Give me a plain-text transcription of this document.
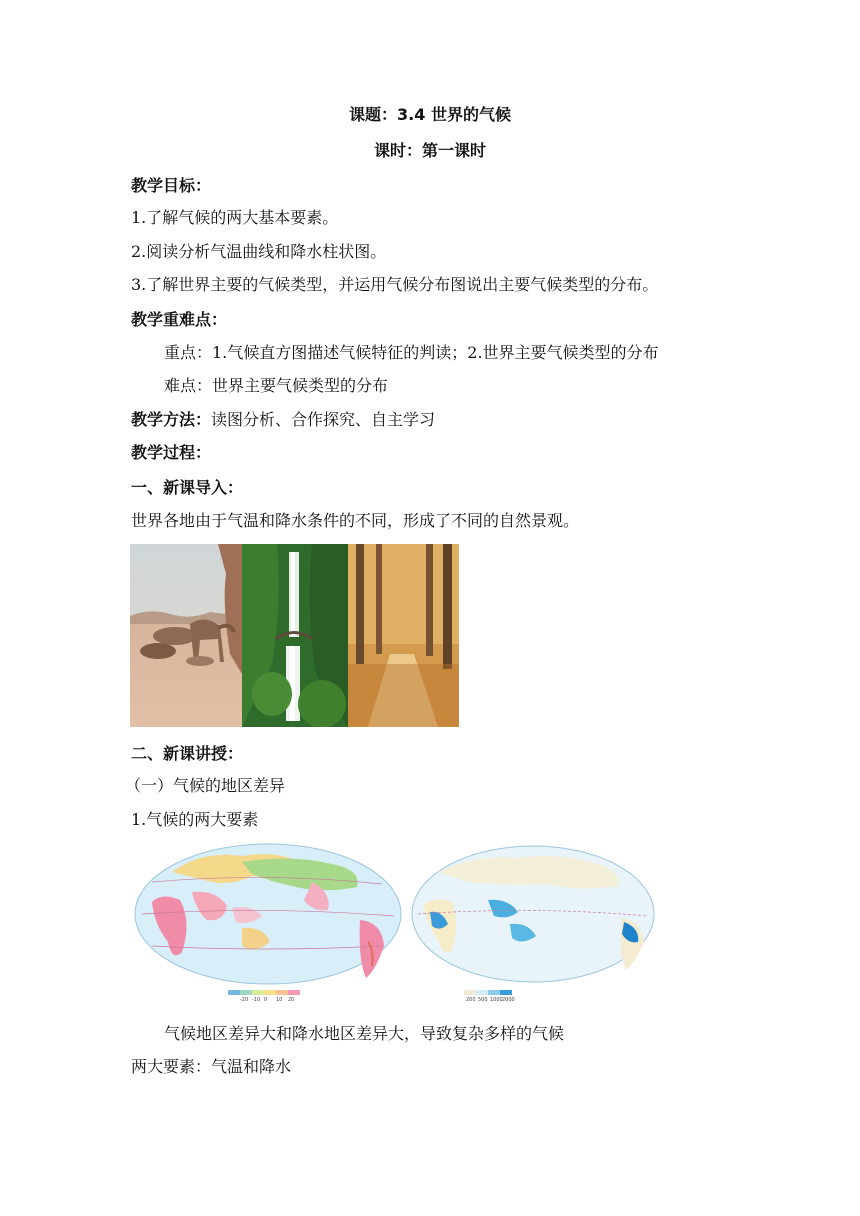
课题：3.4 世界的气候
课时：第一课时
教学目标：
1.了解气候的两大基本要素。
2.阅读分析气温曲线和降水柱状图。
3.了解世界主要的气候类型，并运用气候分布图说出主要气候类型的分布。
教学重难点：
重点：1.气候直方图描述气候特征的判读；2.世界主要气候类型的分布
难点：世界主要气候类型的分布
教学方法：读图分析、合作探究、自主学习
教学过程：
一、新课导入：
世界各地由于气温和降水条件的不同，形成了不同的自然景观。
二、新课讲授：
（一）气候的地区差异
1.气候的两大要素
-20 -10 0 10 20	200 500 1000 2000
气候地区差异大和降水地区差异大，导致复杂多样的气候
两大要素：气温和降水
